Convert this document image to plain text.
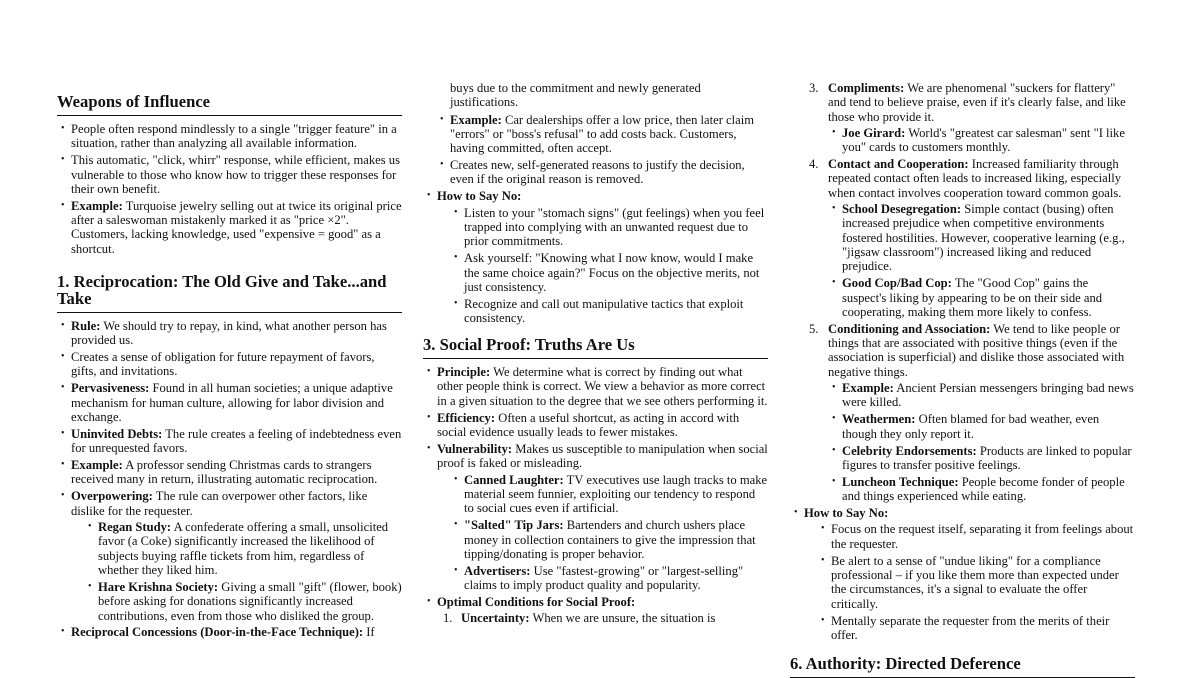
Weapons of Influence
• People often respond mindlessly to a single "trigger feature" in a situation, rather than analyzing all available information.
• This automatic, "click, whirr" response, while efficient, makes us vulnerable to those who know how to trigger these responses for their own benefit.
• Example: Turquoise jewelry selling out at twice its original price after a saleswoman mistakenly marked it as "price ×2". Customers, lacking knowledge, used "expensive = good" as a shortcut.
1. Reciprocation: The Old Give and Take...and Take
• Rule: We should try to repay, in kind, what another person has provided us.
• Creates a sense of obligation for future repayment of favors, gifts, and invitations.
• Pervasiveness: Found in all human societies; a unique adaptive mechanism for human culture, allowing for labor division and exchange.
• Uninvited Debts: The rule creates a feeling of indebtedness even for unrequested favors.
• Example: A professor sending Christmas cards to strangers received many in return, illustrating automatic reciprocation.
• Overpowering: The rule can overpower other factors, like dislike for the requester.
• Regan Study: A confederate offering a small, unsolicited favor (a Coke) significantly increased the likelihood of subjects buying raffle tickets from him, regardless of whether they liked him.
• Hare Krishna Society: Giving a small "gift" (flower, book) before asking for donations significantly increased contributions, even from those who disliked the group.
• Reciprocal Concessions (Door-in-the-Face Technique): If
buys due to the commitment and newly generated justifications.
• Example: Car dealerships offer a low price, then later claim "errors" or "boss's refusal" to add costs back. Customers, having committed, often accept.
• Creates new, self-generated reasons to justify the decision, even if the original reason is removed.
• How to Say No:
• Listen to your "stomach signs" (gut feelings) when you feel trapped into complying with an unwanted request due to prior commitments.
• Ask yourself: "Knowing what I now know, would I make the same choice again?" Focus on the objective merits, not just consistency.
• Recognize and call out manipulative tactics that exploit consistency.
3. Social Proof: Truths Are Us
• Principle: We determine what is correct by finding out what other people think is correct. We view a behavior as more correct in a given situation to the degree that we see others performing it.
• Efficiency: Often a useful shortcut, as acting in accord with social evidence usually leads to fewer mistakes.
• Vulnerability: Makes us susceptible to manipulation when social proof is faked or misleading.
• Canned Laughter: TV executives use laugh tracks to make material seem funnier, exploiting our tendency to respond to social cues even if artificial.
• "Salted" Tip Jars: Bartenders and church ushers place money in collection containers to give the impression that tipping/donating is proper behavior.
• Advertisers: Use "fastest-growing" or "largest-selling" claims to imply product quality and popularity.
• Optimal Conditions for Social Proof:
1. Uncertainty: When we are unsure, the situation is
3. Compliments: We are phenomenal "suckers for flattery" and tend to believe praise, even if it's clearly false, and like those who provide it.
• Joe Girard: World's "greatest car salesman" sent "I like you" cards to customers monthly.
4. Contact and Cooperation: Increased familiarity through repeated contact often leads to increased liking, especially when contact involves cooperation toward common goals.
• School Desegregation: Simple contact (busing) often increased prejudice when competitive environments fostered hostilities. However, cooperative learning (e.g., "jigsaw classroom") increased liking and reduced prejudice.
• Good Cop/Bad Cop: The "Good Cop" gains the suspect's liking by appearing to be on their side and cooperating, making them more likely to confess.
5. Conditioning and Association: We tend to like people or things that are associated with positive things (even if the association is superficial) and dislike those associated with negative things.
• Example: Ancient Persian messengers bringing bad news were killed.
• Weathermen: Often blamed for bad weather, even though they only report it.
• Celebrity Endorsements: Products are linked to popular figures to transfer positive feelings.
• Luncheon Technique: People become fonder of people and things experienced while eating.
• How to Say No:
• Focus on the request itself, separating it from feelings about the requester.
• Be alert to a sense of "undue liking" for a compliance professional – if you like them more than expected under the circumstances, it's a signal to evaluate the offer critically.
• Mentally separate the requester from the merits of their offer.
6. Authority: Directed Deference
